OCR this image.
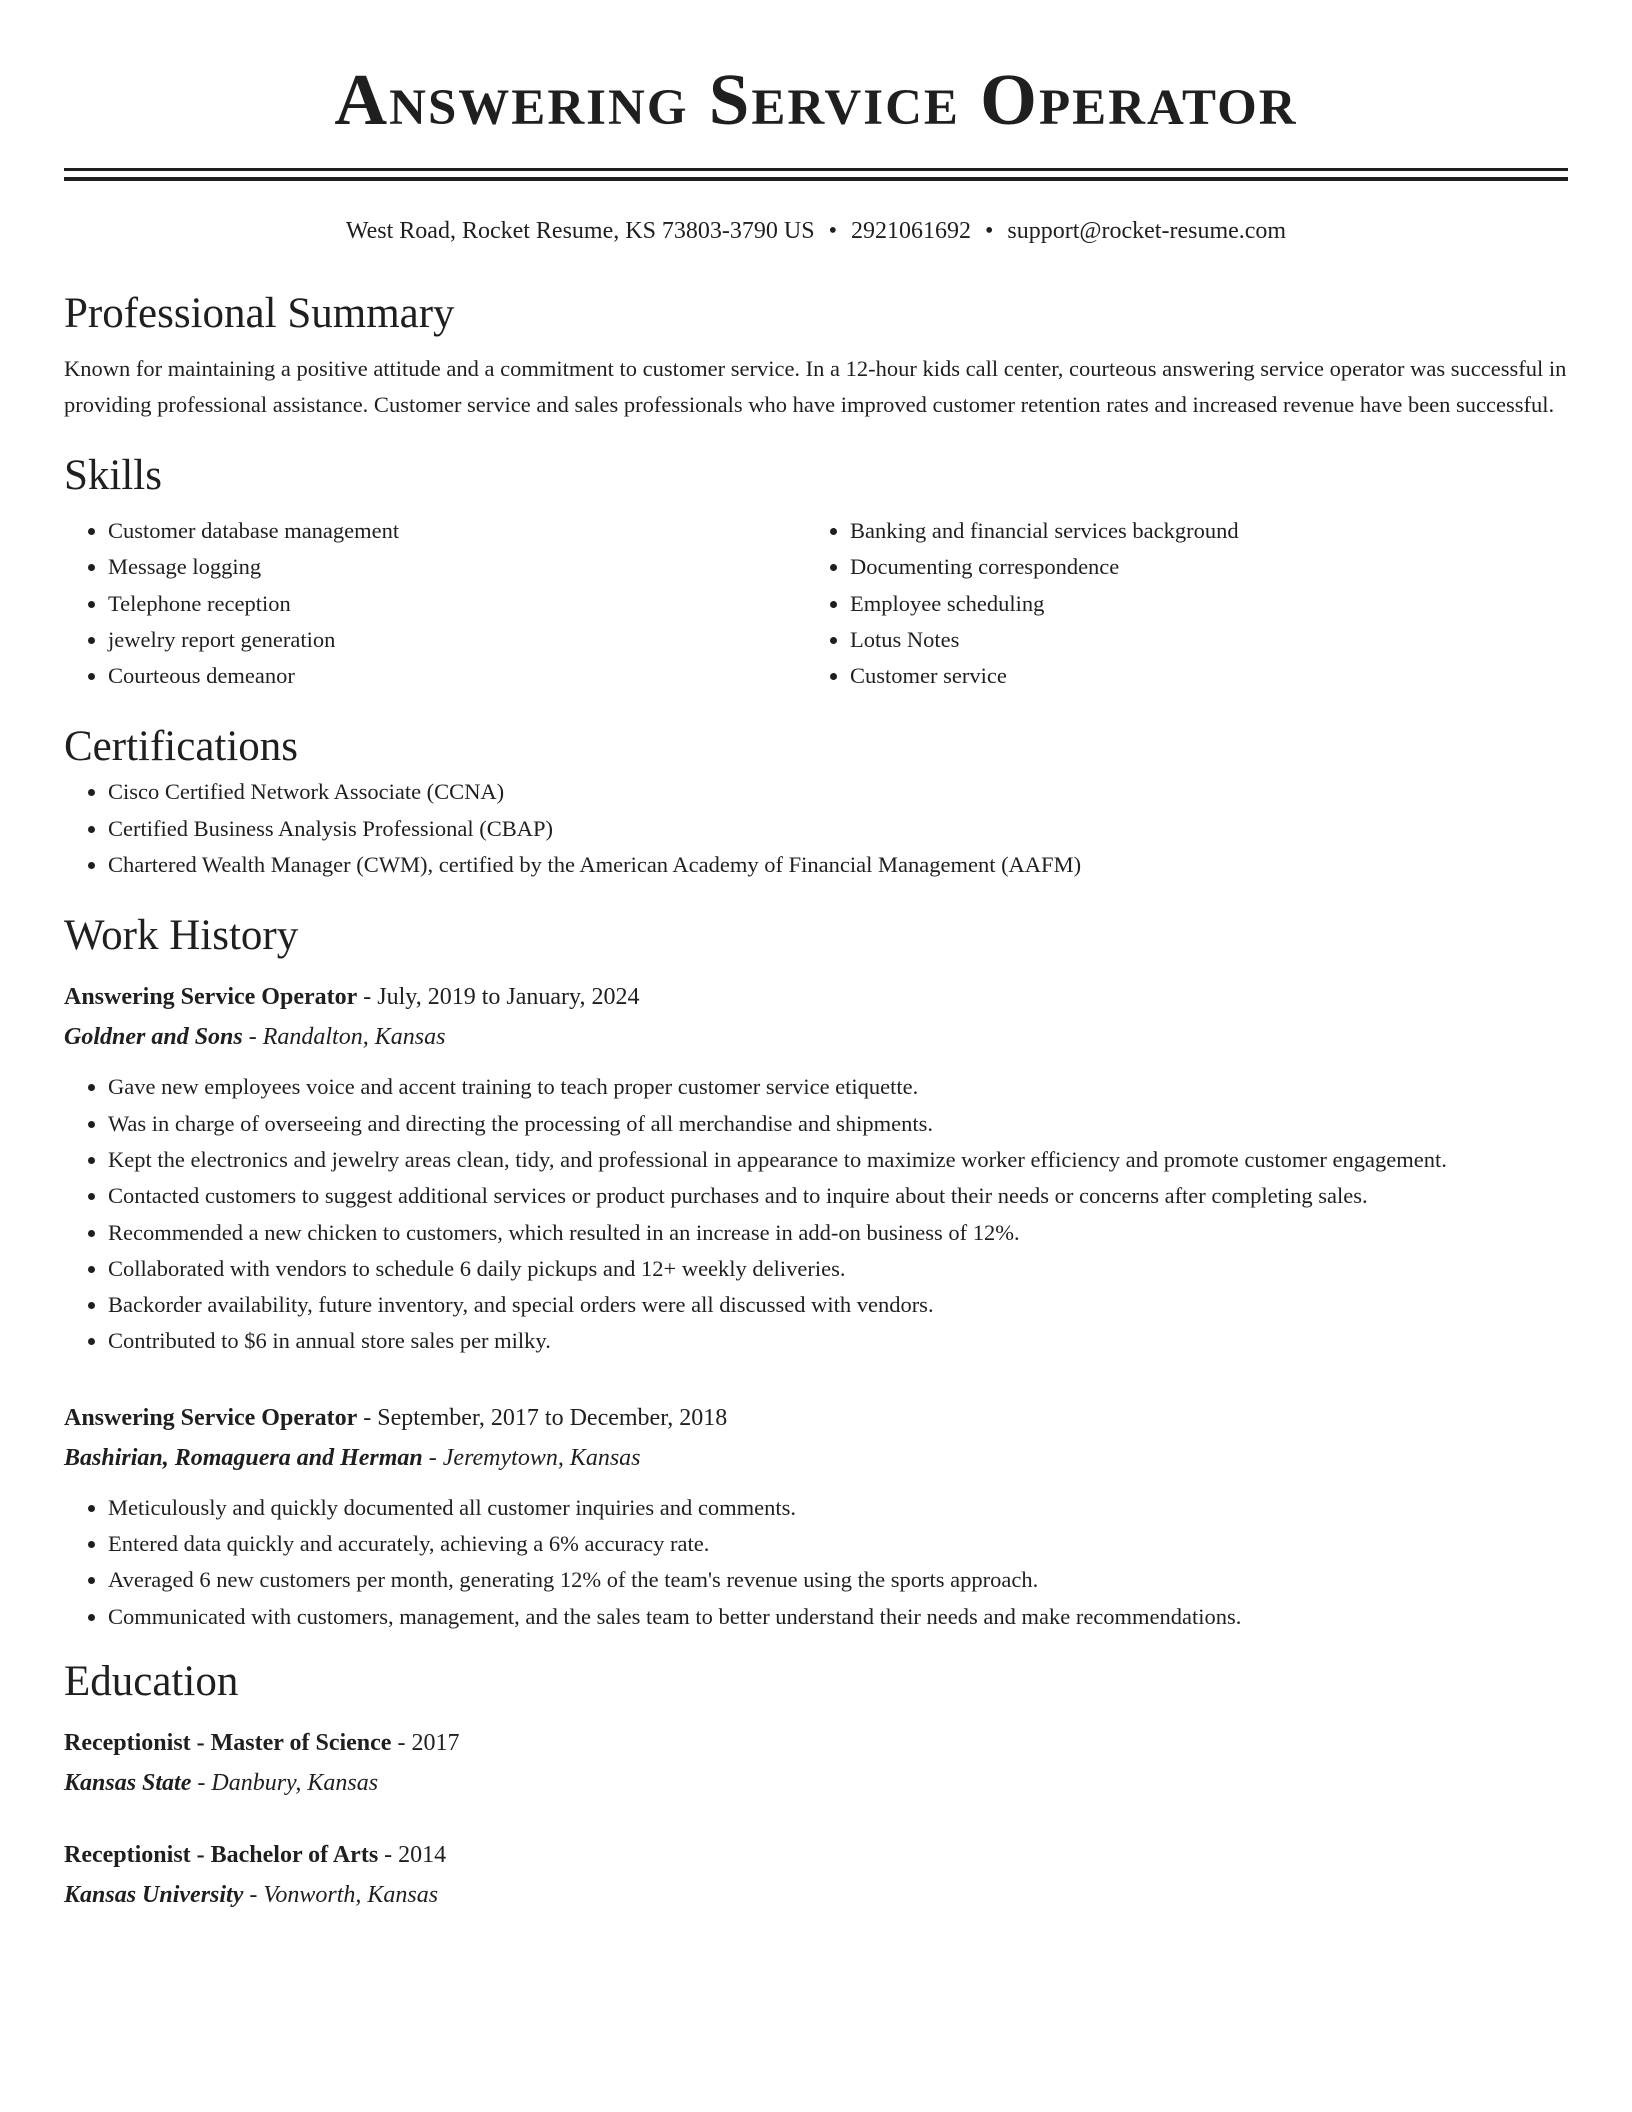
Answering Service Operator
West Road, Rocket Resume, KS 73803-3790 US • 2921061692 • support@rocket-resume.com
Professional Summary

Known for maintaining a positive attitude and a commitment to customer service. In a 12-hour kids call center, courteous answering service operator was successful in providing professional assistance. Customer service and sales professionals who have improved customer retention rates and increased revenue have been successful.

Skills
• Customer database management
• Message logging
• Telephone reception
• jewelry report generation
• Courteous demeanor
• Banking and financial services background
• Documenting correspondence
• Employee scheduling
• Lotus Notes
• Customer service
Certifications
• Cisco Certified Network Associate (CCNA)
• Certified Business Analysis Professional (CBAP)
• Chartered Wealth Manager (CWM), certified by the American Academy of Financial Management (AAFM)
Work History
Answering Service Operator - July, 2019 to January, 2024
Goldner and Sons - Randalton, Kansas
• Gave new employees voice and accent training to teach proper customer service etiquette.
• Was in charge of overseeing and directing the processing of all merchandise and shipments.
• Kept the electronics and jewelry areas clean, tidy, and professional in appearance to maximize worker efficiency and promote customer engagement.
• Contacted customers to suggest additional services or product purchases and to inquire about their needs or concerns after completing sales.
• Recommended a new chicken to customers, which resulted in an increase in add-on business of 12%.
• Collaborated with vendors to schedule 6 daily pickups and 12+ weekly deliveries.
• Backorder availability, future inventory, and special orders were all discussed with vendors.
• Contributed to $6 in annual store sales per milky.
Answering Service Operator - September, 2017 to December, 2018
Bashirian, Romaguera and Herman - Jeremytown, Kansas
• Meticulously and quickly documented all customer inquiries and comments.
• Entered data quickly and accurately, achieving a 6% accuracy rate.
• Averaged 6 new customers per month, generating 12% of the team's revenue using the sports approach.
• Communicated with customers, management, and the sales team to better understand their needs and make recommendations.
Education
Receptionist - Master of Science - 2017
Kansas State - Danbury, Kansas
Receptionist - Bachelor of Arts - 2014
Kansas University - Vonworth, Kansas
